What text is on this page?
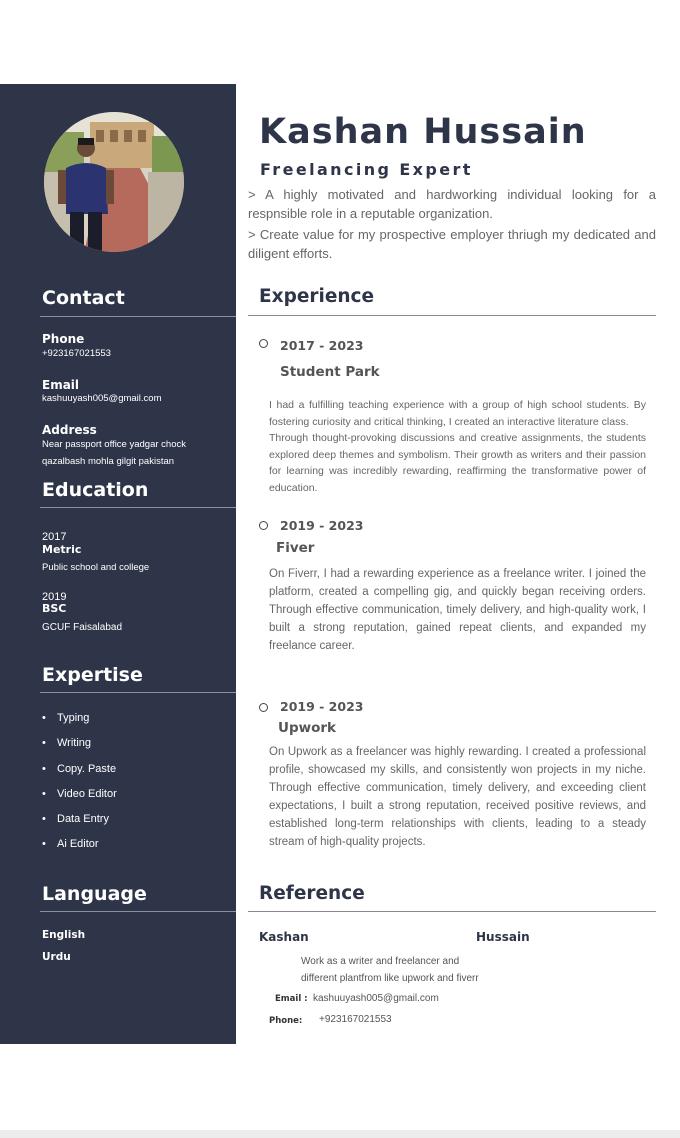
Contact
Phone
+923167021553
Email
kashuuyash005@gmail.com
Address
Near passport office yadgar chock
qazalbash mohla gilgit pakistan
Education
2017
Metric
Public school and college
2019
BSC
GCUF Faisalabad
Expertise
• Typing
• Writing
• Copy. Paste
• Video Editor
• Data Entry
• Ai Editor
Language
English
Urdu
Kashan Hussain
Freelancing Expert
> A highly motivated and hardworking individual looking for a respnsible role in a reputable organization.
> Create value for my prospective employer thriugh my dedicated and diligent efforts.
Experience
2017 - 2023
Student Park
I had a fulfilling teaching experience with a group of high school students. By fostering curiosity and critical thinking, I created an interactive literature class.
Through thought-provoking discussions and creative assignments, the students explored deep themes and symbolism. Their growth as writers and their passion for learning was incredibly rewarding, reaffirming the transformative power of education.
2019 - 2023
Fiver
On Fiverr, I had a rewarding experience as a freelance writer. I joined the platform, created a compelling gig, and quickly began receiving orders. Through effective communication, timely delivery, and high-quality work, I built a strong reputation, gained repeat clients, and expanded my freelance career.
2019 - 2023
Upwork
On Upwork as a freelancer was highly rewarding. I created a professional profile, showcased my skills, and consistently won projects in my niche. Through effective communication, timely delivery, and exceeding client expectations, I built a strong reputation, received positive reviews, and established long-term relationships with clients, leading to a steady stream of high-quality projects.
Reference
Kashan	Hussain
Work as a writer and freelancer and
different plantfrom like upwork and fiverr
Email : kashuuyash005@gmail.com
Phone: +923167021553
